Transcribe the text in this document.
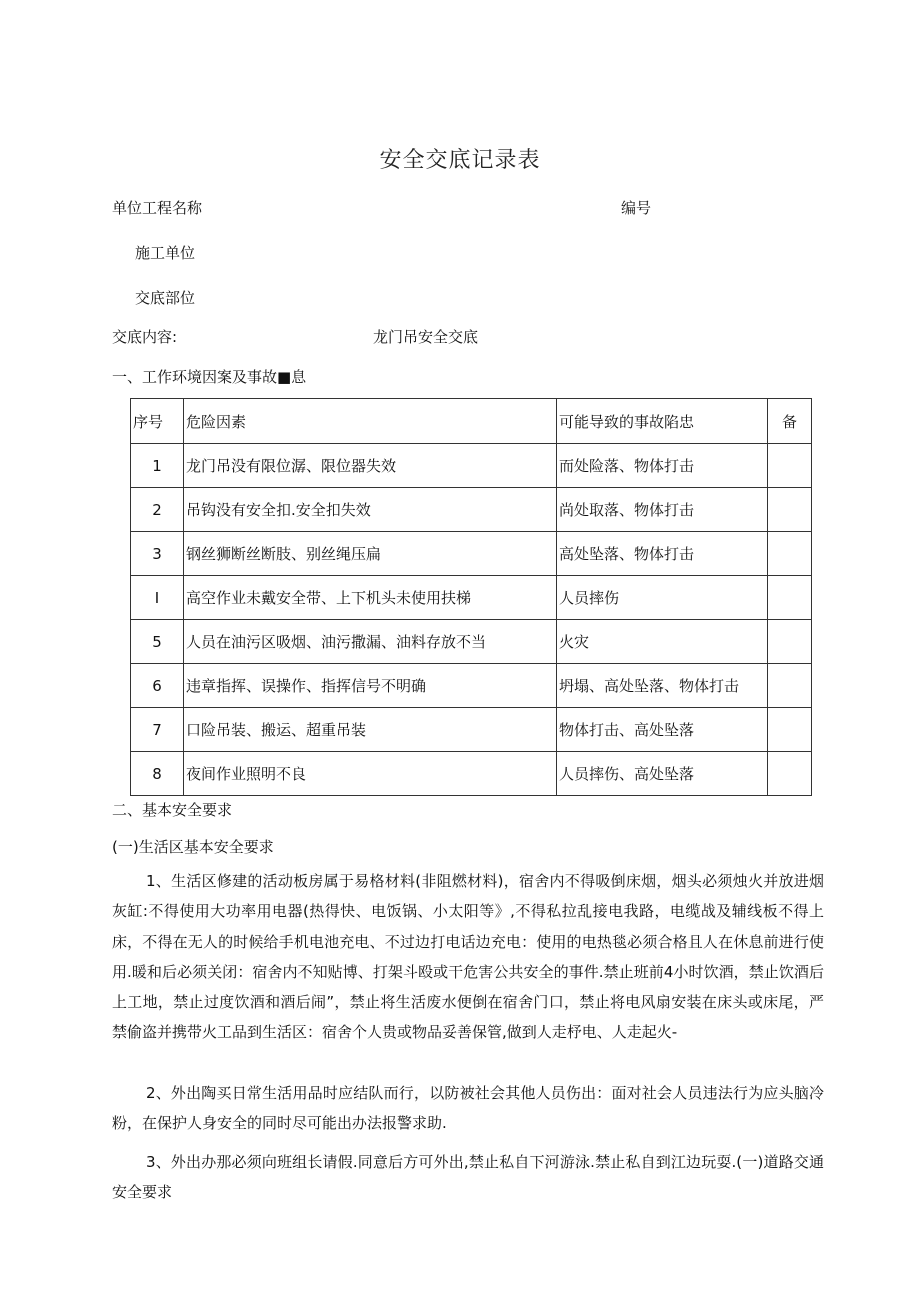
安全交底记录表
单位工程名称	编号
施工单位
交底部位
交底内容:	龙门吊安全交底
一、工作环境因案及事故■息
序号	危险因素	可能导致的事故陷忠	备
1	龙门吊没有限位潺、限位器失效	而处险落、物体打击	
2	吊钩没有安全扣.安全扣失效	尚处取落、物体打击	
3	钢丝狮断丝断肢、别丝绳压扁	高处坠落、物体打击	
I	高空作业未戴安全带、上下机头未使用扶梯	人员摔伤	
5	人员在油污区吸烟、油污撒漏、油料存放不当	火灾	
6	违章指挥、误操作、指挥信号不明确	坍塌、高处坠落、物体打击	
7	口险吊装、搬运、超重吊装	物体打击、高处坠落	
8	夜间作业照明不良	人员摔伤、高处坠落	
二、基本安全要求
(一)生活区基本安全要求
1、生活区修建的活动板房属于易格材料(非阻燃材料)，宿舍内不得吸倒床烟，烟头必须烛火并放进烟灰缸:不得使用大功率用电器(热得快、电饭锅、小太阳等》,不得私拉乱接电我路，电缆战及辅线板不得上床，不得在无人的时候给手机电池充电、不过边打电话边充电：使用的电热毯必须合格且人在休息前进行使用.暖和后必须关闭：宿舍内不知贴博、打架斗殴或干危害公共安全的事件.禁止班前4小时饮酒，禁止饮酒后上工地，禁止过度饮酒和酒后闹”，禁止将生活废水便倒在宿舍门口，禁止将电风扇安装在床头或床尾，严禁偷盗并携带火工品到生活区：宿舍个人贵或物品妥善保管,做到人走杼电、人走起火-
2、外出陶买日常生活用品时应结队而行，以防被社会其他人员伤出：面对社会人员违法行为应头脑冷粉，在保护人身安全的同时尽可能出办法报警求助.
3、外出办那必须向班组长请假.同意后方可外出,禁止私自下河游泳.禁止私自到江边玩耍.(一)道路交通安全要求
